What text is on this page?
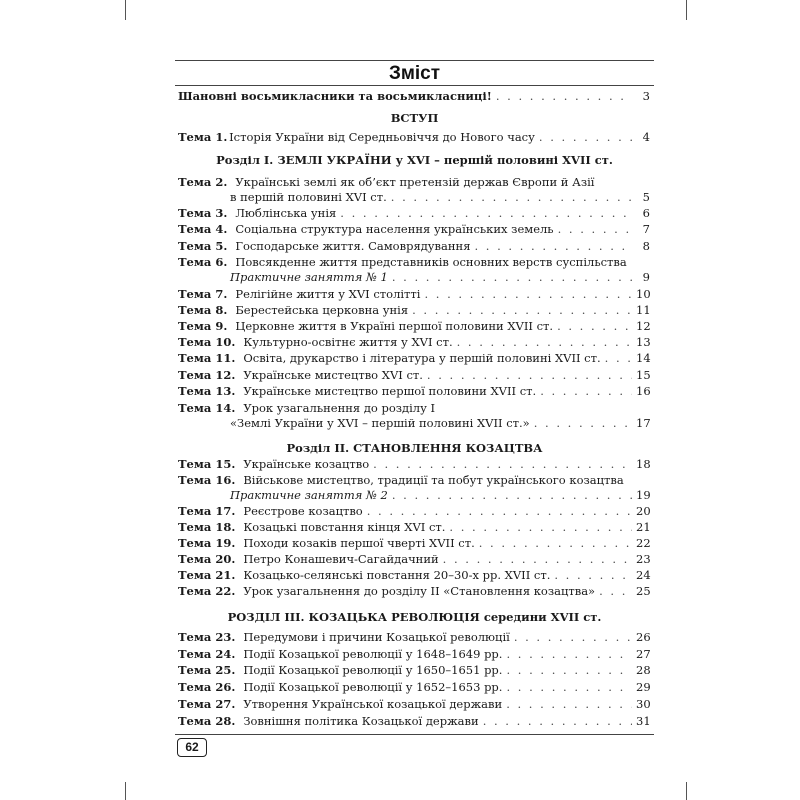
Зміст
Шановні восьмикласники та восьмикласниці! . . .	3
ВСТУП
Тема 1. Історія України від Середньовіччя до Нового часу . . .	4
Розділ І. ЗЕМЛІ УКРАЇНИ у XVI – першій половині XVII ст.
Тема 2. Українські землі як об’єкт претензій держав Європи й Азії
в першій половині XVI ст. . . .	5
Тема 3. Люблінська унія . . .	6
Тема 4. Соціальна структура населення українських земель . . .	7
Тема 5. Господарське життя. Самоврядування . . .	8
Тема 6. Повсякденне життя представників основних верств суспільства
Практичне заняття № 1 . . .	9
Тема 7. Релігійне життя у XVI столітті . . .	10
Тема 8. Берестейська церковна унія . . .	11
Тема 9. Церковне життя в Україні першої половини XVII ст. . . .	12
Тема 10. Культурно-освітнє життя у XVI ст. . . .	13
Тема 11. Освіта, друкарство і література у першій половині XVII ст. . . .	14
Тема 12. Українське мистецтво XVI ст. . . .	15
Тема 13. Українське мистецтво першої половини XVII ст. . . .	16
Тема 14. Урок узагальнення до розділу І
«Землі України у XVI – першій половині XVII ст.» . . .	17
Розділ ІІ. СТАНОВЛЕННЯ КОЗАЦТВА
Тема 15. Українське козацтво . . .	18
Тема 16. Військове мистецтво, традиції та побут українського козацтва
Практичне заняття № 2 . . .	19
Тема 17. Реєстрове козацтво . . .	20
Тема 18. Козацькі повстання кінця XVI ст. . . .	21
Тема 19. Походи козаків першої чверті XVII ст. . . .	22
Тема 20. Петро Конашевич-Сагайдачний . . .	23
Тема 21. Козацько-селянські повстання 20–30-х рр. XVII ст. . . .	24
Тема 22. Урок узагальнення до розділу ІІ «Становлення козацтва» . . .	25
РОЗДІЛ ІІІ. КОЗАЦЬКА РЕВОЛЮЦІЯ середини XVII ст.
Тема 23. Передумови і причини Козацької революції . . .	26
Тема 24. Події Козацької революції у 1648–1649 рр. . . .	27
Тема 25. Події Козацької революції у 1650–1651 рр. . . .	28
Тема 26. Події Козацької революції у 1652–1653 рр. . . .	29
Тема 27. Утворення Української козацької держави . . .	30
Тема 28. Зовнішня політика Козацької держави . . .	31
62
